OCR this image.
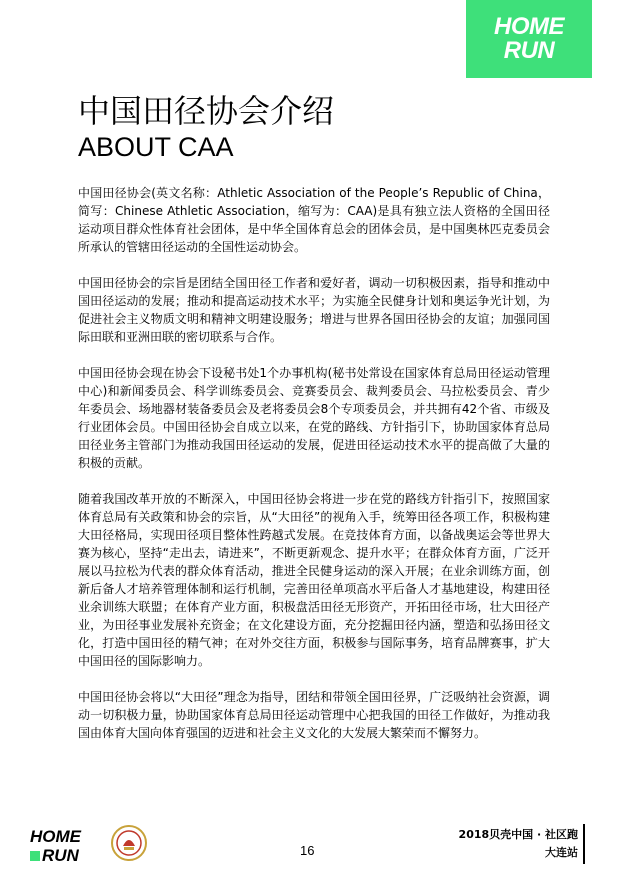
HOME
RUN
中国田径协会介绍
ABOUT CAA

中国田径协会(英文名称：Athletic Association of the People’s Republic of China，简写：Chinese Athletic Association，缩写为：CAA)是具有独立法人资格的全国田径运动项目群众性体育社会团体，是中华全国体育总会的团体会员，是中国奥林匹克委员会所承认的管辖田径运动的全国性运动协会。

中国田径协会的宗旨是团结全国田径工作者和爱好者，调动一切积极因素，指导和推动中国田径运动的发展；推动和提高运动技术水平；为实施全民健身计划和奥运争光计划，为促进社会主义物质文明和精神文明建设服务；增进与世界各国田径协会的友谊；加强同国际田联和亚洲田联的密切联系与合作。

中国田径协会现在协会下设秘书处1个办事机构(秘书处常设在国家体育总局田径运动管理中心)和新闻委员会、科学训练委员会、竞赛委员会、裁判委员会、马拉松委员会、青少年委员会、场地器材装备委员会及老将委员会8个专项委员会，并共拥有42个省、市级及行业团体会员。中国田径协会自成立以来，在党的路线、方针指引下，协助国家体育总局田径业务主管部门为推动我国田径运动的发展，促进田径运动技术水平的提高做了大量的积极的贡献。

随着我国改革开放的不断深入，中国田径协会将进一步在党的路线方针指引下，按照国家体育总局有关政策和协会的宗旨，从“大田径”的视角入手，统筹田径各项工作，积极构建大田径格局，实现田径项目整体性跨越式发展。在竞技体育方面，以备战奥运会等世界大赛为核心，坚持“走出去，请进来”，不断更新观念、提升水平；在群众体育方面，广泛开展以马拉松为代表的群众体育活动，推进全民健身运动的深入开展；在业余训练方面，创新后备人才培养管理体制和运行机制，完善田径单项高水平后备人才基地建设，构建田径业余训练大联盟；在体育产业方面，积极盘活田径无形资产，开拓田径市场，壮大田径产业，为田径事业发展补充资金；在文化建设方面，充分挖掘田径内涵，塑造和弘扬田径文化，打造中国田径的精气神；在对外交往方面，积极参与国际事务，培育品牌赛事，扩大中国田径的国际影响力。

中国田径协会将以“大田径”理念为指导，团结和带领全国田径界，广泛吸纳社会资源，调动一切积极力量，协助国家体育总局田径运动管理中心把我国的田径工作做好，为推动我国由体育大国向体育强国的迈进和社会主义文化的大发展大繁荣而不懈努力。

HOME
RUN	16
2018贝壳中国 · 社区跑
大连站
